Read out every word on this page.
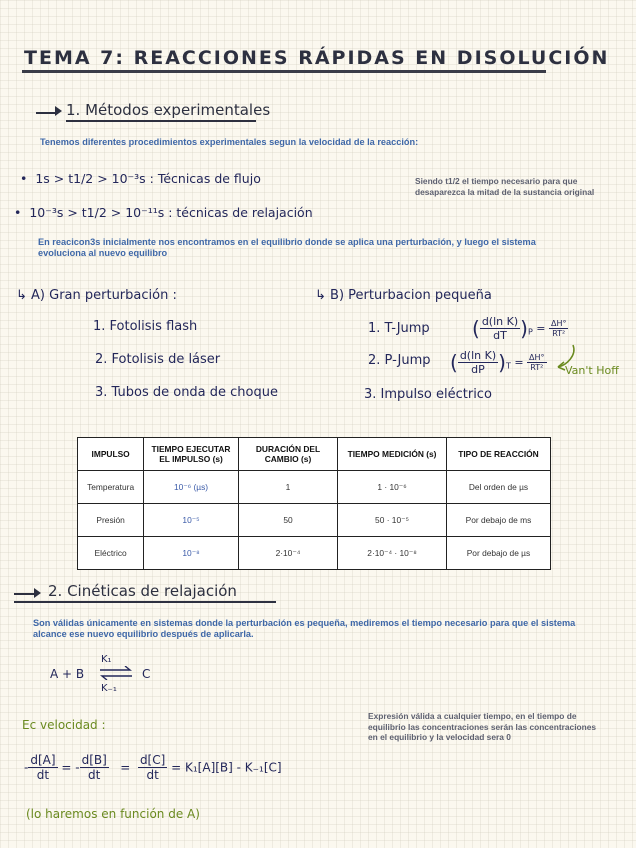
TEMA 7: REACCIONES RÁPIDAS EN DISOLUCIÓN
1. Métodos experimentales
Tenemos diferentes procedimientos experimentales segun la velocidad de la reacción:
•  1s > t1/2 > 10⁻³s : Técnicas de flujo
•  10⁻³s > t1/2 > 10⁻¹¹s : técnicas de relajación
Siendo t1/2 el tiempo necesario para que desaparezca la mitad de la sustancia original
En reacicon3s inicialmente nos encontramos en el equilibrio donde se aplica una perturbación, y luego el sistema evoluciona al nuevo equilibro
↳ A) Gran perturbación :
1. Fotolisis flash
2. Fotolisis de láser
3. Tubos de onda de choque
↳ B) Perturbacion pequeña
1. T-Jump ( $\frac{\text{d(ln K)}}{dT} )_P = \frac{\Delta H^\circ}{\text{RT²}}$
2. P-Jump ( $\frac{\text{d(ln K)}}{dP} )_T = \frac{\Delta H^\circ}{\text{RT²}} Van't$ Hoff
3. Impulso eléctrico
IMPULSO	TIEMPO EJECUTAR EL IMPULSO (s)	DURACIÓN DEL CAMBIO (s)	TIEMPO MEDICIÓN (s)	TIPO DE REACCIÓN
Temperatura	10⁻⁶ (µs)	1	1 · 10⁻⁶	Del orden de µs
Presión	10⁻⁵	50	50 · 10⁻⁵	Por debajo de ms
Eléctrico	10⁻⁸	2·10⁻⁴	2·10⁻⁴ · 10⁻⁸	Por debajo de µs
2. Cinéticas de relajación
Son válidas únicamente en sistemas donde la perturbación es pequeña, mediremos el tiempo necesario para que el sistema alcance ese nuevo equilibrio después de aplicarla.
A + B
K₁
K₋₁
C
Ec velocidad :
Expresión válida a cualquier tiempo, en el tiempo de equilibrio las concentraciones serán las concentraciones en el equilibrio y la velocidad sera 0
- $\frac{d[A]}{dt}$ = - $\frac{d[B]}{dt} = \frac{d[C]}{dt} = K_1[A][B] - K_{-1}[C]$
(lo haremos en función de A)
